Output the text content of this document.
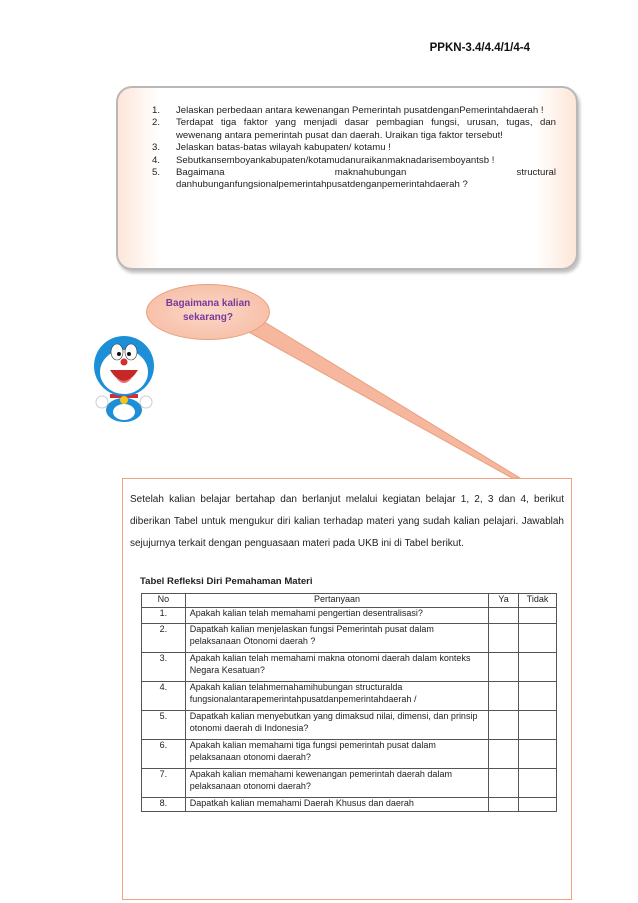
PPKN-3.4/4.4/1/4-4
1. Jelaskan perbedaan antara kewenangan Pemerintah pusatdenganPemerintahdaerah !
2. Terdapat tiga faktor yang menjadi dasar pembagian fungsi, urusan, tugas, dan wewenang antara pemerintah pusat dan daerah. Uraikan tiga faktor tersebut!
3. Jelaskan batas-batas wilayah kabupaten/ kotamu !
4. Sebutkansemboyankabupaten/kotamudanuraikanmaknadarisemboyantsb !
5. Bagaimana maknahubungan structural danhubunganfungsionalpemerintahpusatdenganpemerintahdaerah ?
Bagaimana kalian
sekarang?

Setelah kalian belajar bertahap dan berlanjut melalui kegiatan belajar 1, 2, 3 dan 4, berikut diberikan Tabel untuk mengukur diri kalian terhadap materi yang sudah kalian pelajari. Jawablah sejujurnya terkait dengan penguasaan materi pada UKB ini di Tabel berikut.

Tabel Refleksi Diri Pemahaman Materi
No	Pertanyaan	Ya	Tidak
1.	Apakah kalian telah memahami pengertian desentralisasi?		
2.	Dapatkah kalian menjelaskan fungsi Pemerintah pusat dalam pelaksanaan Otonomi daerah ?		
3.	Apakah kalian telah memahami makna otonomi daerah dalam konteks Negara Kesatuan?		
4.	Apakah kalian telahmemahamihubungan structuralda fungsionalantarapemerintahpusatdanpemerintahdaerah /		
5.	Dapatkah kalian menyebutkan yang dimaksud nilai, dimensi, dan prinsip otonomi daerah di Indonesia?		
6.	Apakah kalian memahami tiga fungsi pemerintah pusat dalam pelaksanaan otonomi daerah?		
7.	Apakah kalian memahami kewenangan pemerintah daerah dalam pelaksanaan otonomi daerah?		
8.	Dapatkah kalian memahami Daerah Khusus dan daerah		
